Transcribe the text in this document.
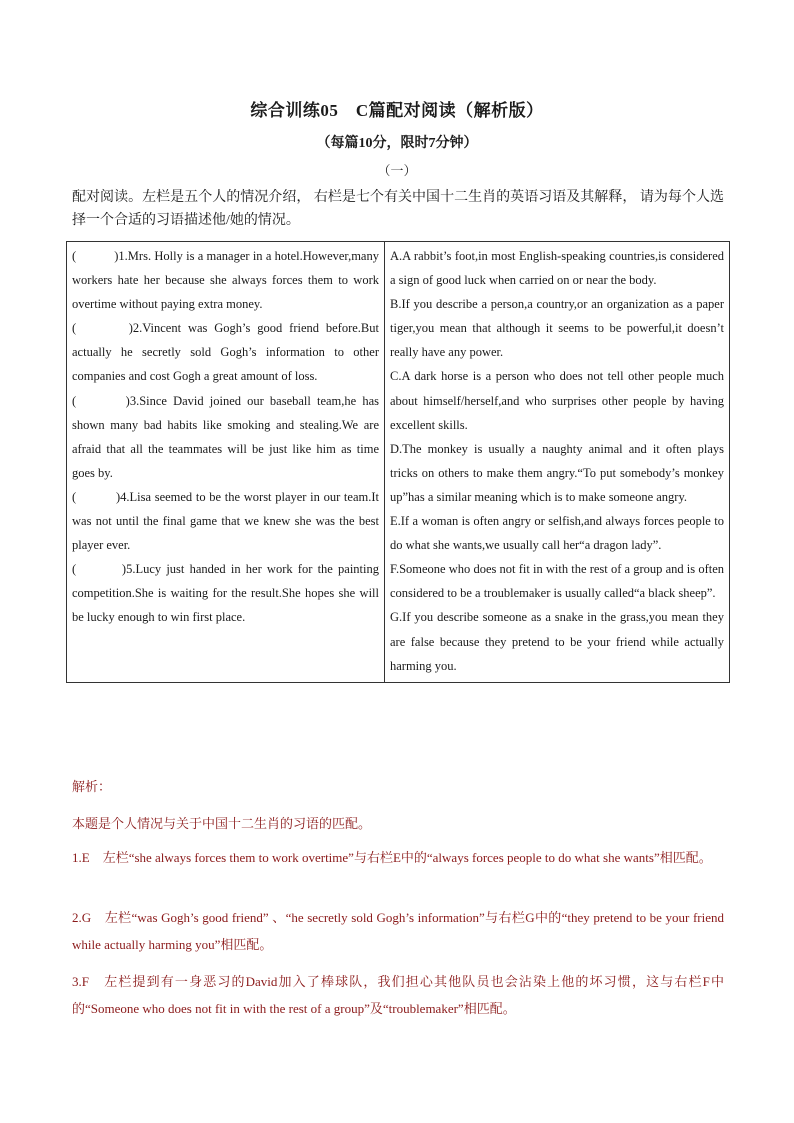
综合训练05　C篇配对阅读（解析版）
（每篇10分，限时7分钟）
（一）
配对阅读。左栏是五个人的情况介绍， 右栏是七个有关中国十二生肖的英语习语及其解释， 请为每个人选择一个合适的习语描述他/她的情况。
(　　　)1.Mrs. Holly is a manager in a hotel.However,many workers hate her because she always forces them to work overtime without paying extra money.
(　　　)2.Vincent was Gogh’s good friend before.But actually he secretly sold Gogh’s information to other companies and cost Gogh a great amount of loss.
(　　　)3.Since David joined our baseball team,he has shown many bad habits like smoking and stealing.We are afraid that all the teammates will be just like him as time goes by.
(　　　)4.Lisa seemed to be the worst player in our team.It was not until the final game that we knew she was the best player ever.
(　　　)5.Lucy just handed in her work for the painting competition.She is waiting for the result.She hopes she will be lucky enough to win first place.

A.A rabbit’s foot,in most English-speaking countries,is considered a sign of good luck when carried on or near the body.
B.If you describe a person,a country,or an organization as a paper tiger,you mean that although it seems to be powerful,it doesn’t really have any power.
C.A dark horse is a person who does not tell other people much about himself/herself,and who surprises other people by having excellent skills.
D.The monkey is usually a naughty animal and it often plays tricks on others to make them angry.“To put somebody’s monkey up”has a similar meaning which is to make someone angry.
E.If a woman is often angry or selfish,and always forces people to do what she wants,we usually call her“a dragon lady”.
F.Someone who does not fit in with the rest of a group and is often considered to be a troublemaker is usually called“a black sheep”.
G.If you describe someone as a snake in the grass,you mean they are false because they pretend to be your friend while actually harming you.
解析：
本题是个人情况与关于中国十二生肖的习语的匹配。
1.E　左栏“she always forces them to work overtime”与右栏E中的“always forces people to do what she wants”相匹配。
2.G　左栏“was Gogh’s good friend” 、“he secretly sold Gogh’s information”与右栏G中的“they pretend to be your friend while actually harming you”相匹配。
3.F　左栏提到有一身恶习的David加入了棒球队，我们担心其他队员也会沾染上他的坏习惯，这与右栏F中的“Someone who does not fit in with the rest of a group”及“troublemaker”相匹配。
